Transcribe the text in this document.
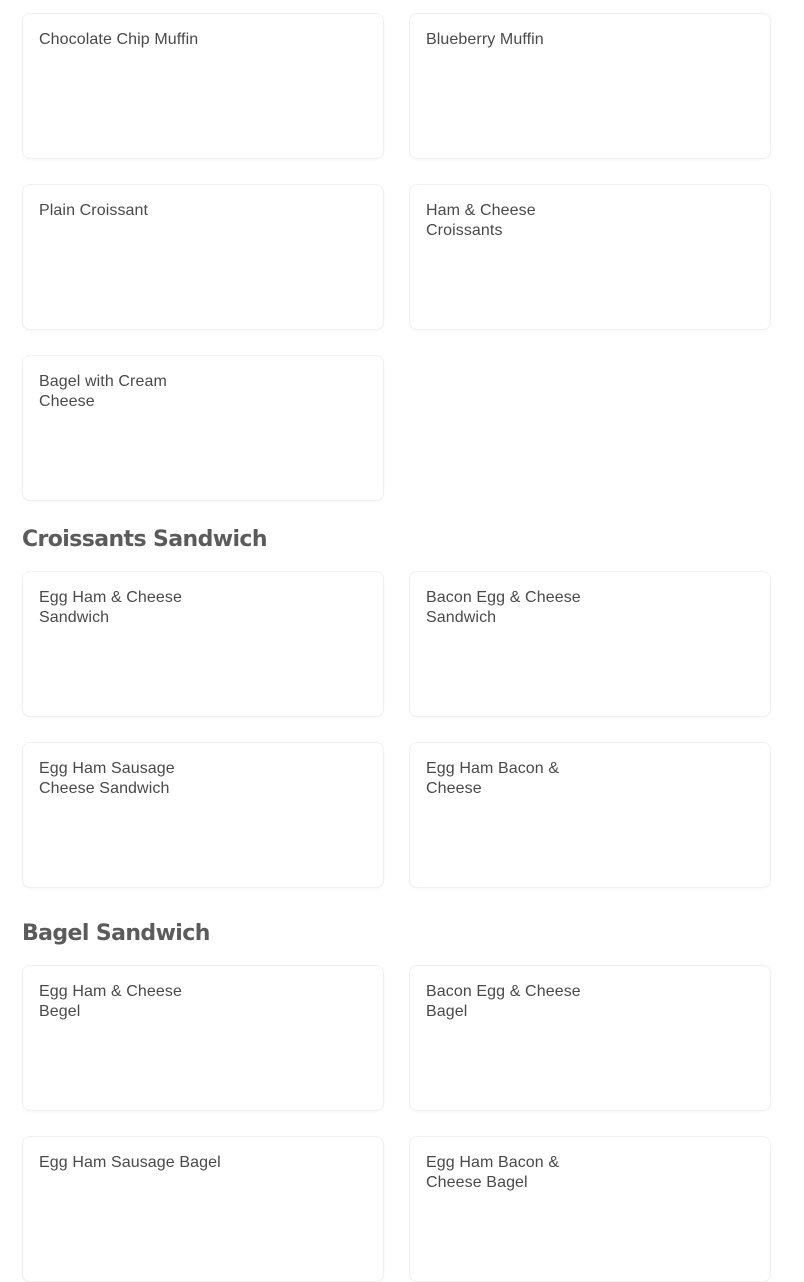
Chocolate Chip Muffin	Blueberry Muffin
Plain Croissant	Ham & Cheese Croissants
Bagel with Cream Cheese
Croissants Sandwich
Egg Ham & Cheese Sandwich
Bacon Egg & Cheese Sandwich
Egg Ham Sausage Cheese Sandwich
Egg Ham Bacon & Cheese
Bagel Sandwich
Egg Ham & Cheese Begel
Bacon Egg & Cheese Bagel
Egg Ham Sausage Bagel	Egg Ham Bacon & Cheese Bagel
